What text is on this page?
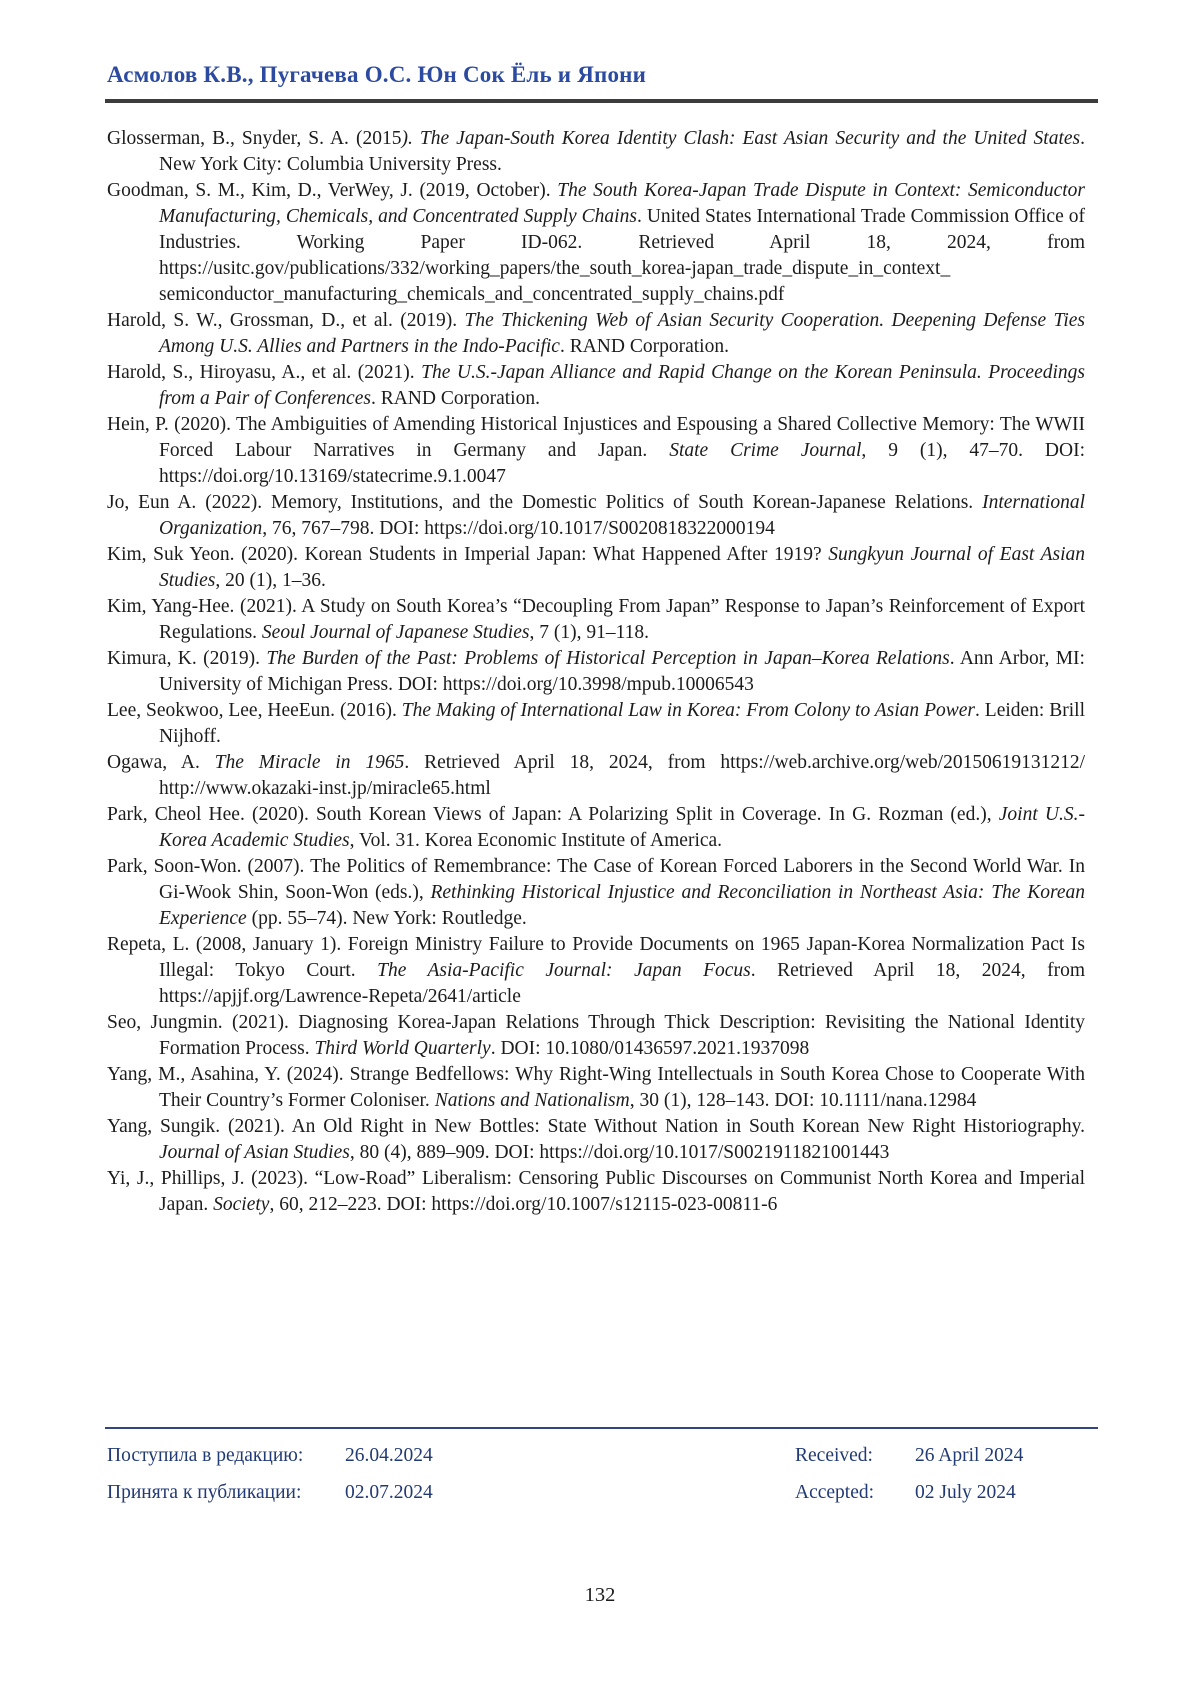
Асмолов К.В., Пугачева О.С. Юн Сок Ёль и Япони

Glosserman, B., Snyder, S. A. (2015). The Japan-South Korea Identity Clash: East Asian Security and the United States. New York City: Columbia University Press.

Goodman, S. M., Kim, D., VerWey, J. (2019, October). The South Korea-Japan Trade Dispute in Context: Semiconductor Manufacturing, Chemicals, and Concentrated Supply Chains. United States International Trade Commission Office of Industries. Working Paper ID-062. Retrieved April 18, 2024, from https://usitc.gov/publications/332/working_papers/the_south_korea-japan_trade_dispute_in_context_​semiconductor_manufacturing_chemicals_and_concentrated_supply_chains.pdf

Harold, S. W., Grossman, D., et al. (2019). The Thickening Web of Asian Security Cooperation. Deepening Defense Ties Among U.S. Allies and Partners in the Indo-Pacific. RAND Corporation.

Harold, S., Hiroyasu, A., et al. (2021). The U.S.-Japan Alliance and Rapid Change on the Korean Peninsula. Proceedings from a Pair of Conferences. RAND Corporation.

Hein, P. (2020). The Ambiguities of Amending Historical Injustices and Espousing a Shared Collective Memory: The WWII Forced Labour Narratives in Germany and Japan. State Crime Journal, 9 (1), 47–70. DOI: https://doi.org/10.13169/statecrime.9.1.0047

Jo, Eun A. (2022). Memory, Institutions, and the Domestic Politics of South Korean-Japanese Relations. International Organization, 76, 767–798. DOI: https://doi.org/10.1017/S0020818322000194

Kim, Suk Yeon. (2020). Korean Students in Imperial Japan: What Happened After 1919? Sungkyun Journal of East Asian Studies, 20 (1), 1–36.

Kim, Yang-Hee. (2021). A Study on South Korea’s “Decoupling From Japan” Response to Japan’s Reinforcement of Export Regulations. Seoul Journal of Japanese Studies, 7 (1), 91–118.

Kimura, K. (2019). The Burden of the Past: Problems of Historical Perception in Japan–Korea Relations. Ann Arbor, MI: University of Michigan Press. DOI: https://doi.org/10.3998/mpub.10006543

Lee, Seokwoo, Lee, HeeEun. (2016). The Making of International Law in Korea: From Colony to Asian Power. Leiden: Brill Nijhoff.

Ogawa, A. The Miracle in 1965. Retrieved April 18, 2024, from https://web.archive.org/web/20150619131212/​http://www.okazaki-inst.jp/miracle65.html

Park, Cheol Hee. (2020). South Korean Views of Japan: A Polarizing Split in Coverage. In G. Rozman (ed.), Joint U.S.-Korea Academic Studies, Vol. 31. Korea Economic Institute of America.

Park, Soon-Won. (2007). The Politics of Remembrance: The Case of Korean Forced Laborers in the Second World War. In Gi-Wook Shin, Soon-Won (eds.), Rethinking Historical Injustice and Reconciliation in Northeast Asia: The Korean Experience (pp. 55–74). New York: Routledge.

Repeta, L. (2008, January 1). Foreign Ministry Failure to Provide Documents on 1965 Japan-Korea Normalization Pact Is Illegal: Tokyo Court. The Asia-Pacific Journal: Japan Focus. Retrieved April 18, 2024, from https://apjjf.org/Lawrence-Repeta/2641/article

Seo, Jungmin. (2021). Diagnosing Korea-Japan Relations Through Thick Description: Revisiting the National Identity Formation Process. Third World Quarterly. DOI: 10.1080/01436597.2021.1937098

Yang, M., Asahina, Y. (2024). Strange Bedfellows: Why Right-Wing Intellectuals in South Korea Chose to Cooperate With Their Country’s Former Coloniser. Nations and Nationalism, 30 (1), 128–143. DOI: 10.1111/nana.12984

Yang, Sungik. (2021). An Old Right in New Bottles: State Without Nation in South Korean New Right Historiography. Journal of Asian Studies, 80 (4), 889–909. DOI: https://doi.org/10.1017/​S0021911821001443

Yi, J., Phillips, J. (2023). “Low-Road” Liberalism: Censoring Public Discourses on Communist North Korea and Imperial Japan. Society, 60, 212–223. DOI: https://doi.org/10.1007/s12115-023-00811-6

Поступила в редакцию: 26.04.2024	Received: 26 April 2024
Принята к публикации: 02.07.2024	Accepted: 02 July 2024
132
